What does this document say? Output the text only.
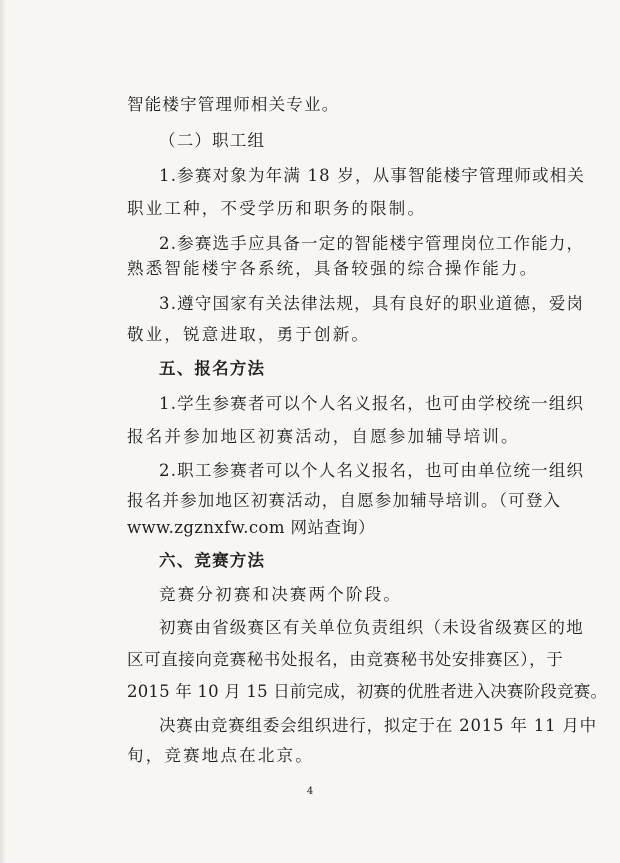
智能楼宇管理师相关专业。
（二）职工组
1.参赛对象为年满 18 岁，从事智能楼宇管理师或相关
职业工种，不受学历和职务的限制。
2.参赛选手应具备一定的智能楼宇管理岗位工作能力，
熟悉智能楼宇各系统，具备较强的综合操作能力。
3.遵守国家有关法律法规，具有良好的职业道德，爱岗
敬业，锐意进取，勇于创新。
五、报名方法
1.学生参赛者可以个人名义报名，也可由学校统一组织
报名并参加地区初赛活动，自愿参加辅导培训。
2.职工参赛者可以个人名义报名，也可由单位统一组织
报名并参加地区初赛活动，自愿参加辅导培训。（可登入
www.zgznxfw.com 网站查询）
六、竞赛方法
竞赛分初赛和决赛两个阶段。
初赛由省级赛区有关单位负责组织（未设省级赛区的地
区可直接向竞赛秘书处报名，由竞赛秘书处安排赛区），于
2015 年 10 月 15 日前完成，初赛的优胜者进入决赛阶段竞赛。
决赛由竞赛组委会组织进行，拟定于在 2015 年 11 月中
旬，竞赛地点在北京。
4
